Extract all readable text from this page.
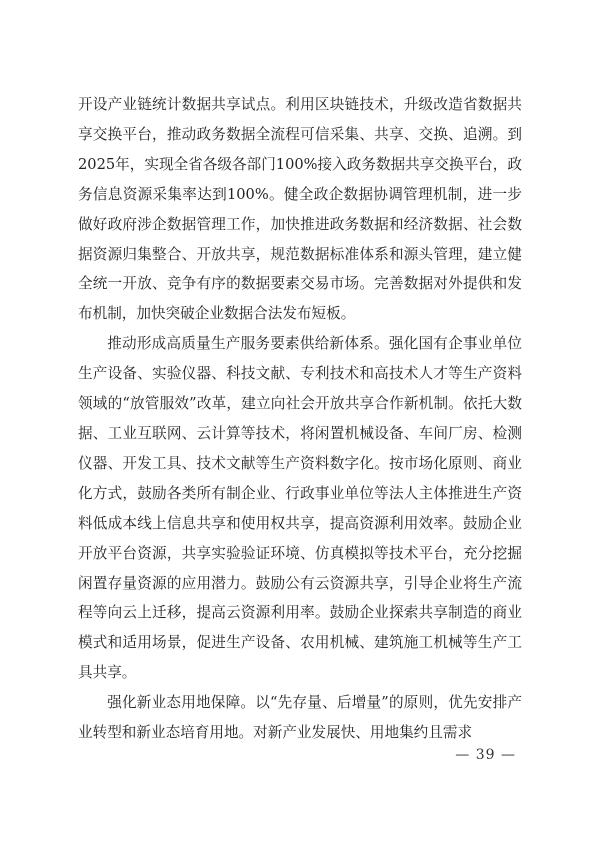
开设产业链统计数据共享试点。利用区块链技术，升级改造省数据共享交换平台，推动政务数据全流程可信采集、共享、交换、追溯。到2025年，实现全省各级各部门100%接入政务数据共享交换平台，政务信息资源采集率达到100%。健全政企数据协调管理机制，进一步做好政府涉企数据管理工作，加快推进政务数据和经济数据、社会数据资源归集整合、开放共享，规范数据标准体系和源头管理，建立健全统一开放、竞争有序的数据要素交易市场。完善数据对外提供和发布机制，加快突破企业数据合法发布短板。

推动形成高质量生产服务要素供给新体系。强化国有企事业单位生产设备、实验仪器、科技文献、专利技术和高技术人才等生产资料领域的“放管服效”改革，建立向社会开放共享合作新机制。依托大数据、工业互联网、云计算等技术，将闲置机械设备、车间厂房、检测仪器、开发工具、技术文献等生产资料数字化。按市场化原则、商业化方式，鼓励各类所有制企业、行政事业单位等法人主体推进生产资料低成本线上信息共享和使用权共享，提高资源利用效率。鼓励企业开放平台资源，共享实验验证环境、仿真模拟等技术平台，充分挖掘闲置存量资源的应用潜力。鼓励公有云资源共享，引导企业将生产流程等向云上迁移，提高云资源利用率。鼓励企业探索共享制造的商业模式和适用场景，促进生产设备、农用机械、建筑施工机械等生产工具共享。

强化新业态用地保障。以“先存量、后增量”的原则，优先安排产业转型和新业态培育用地。对新产业发展快、用地集约且需求

— 39 —
